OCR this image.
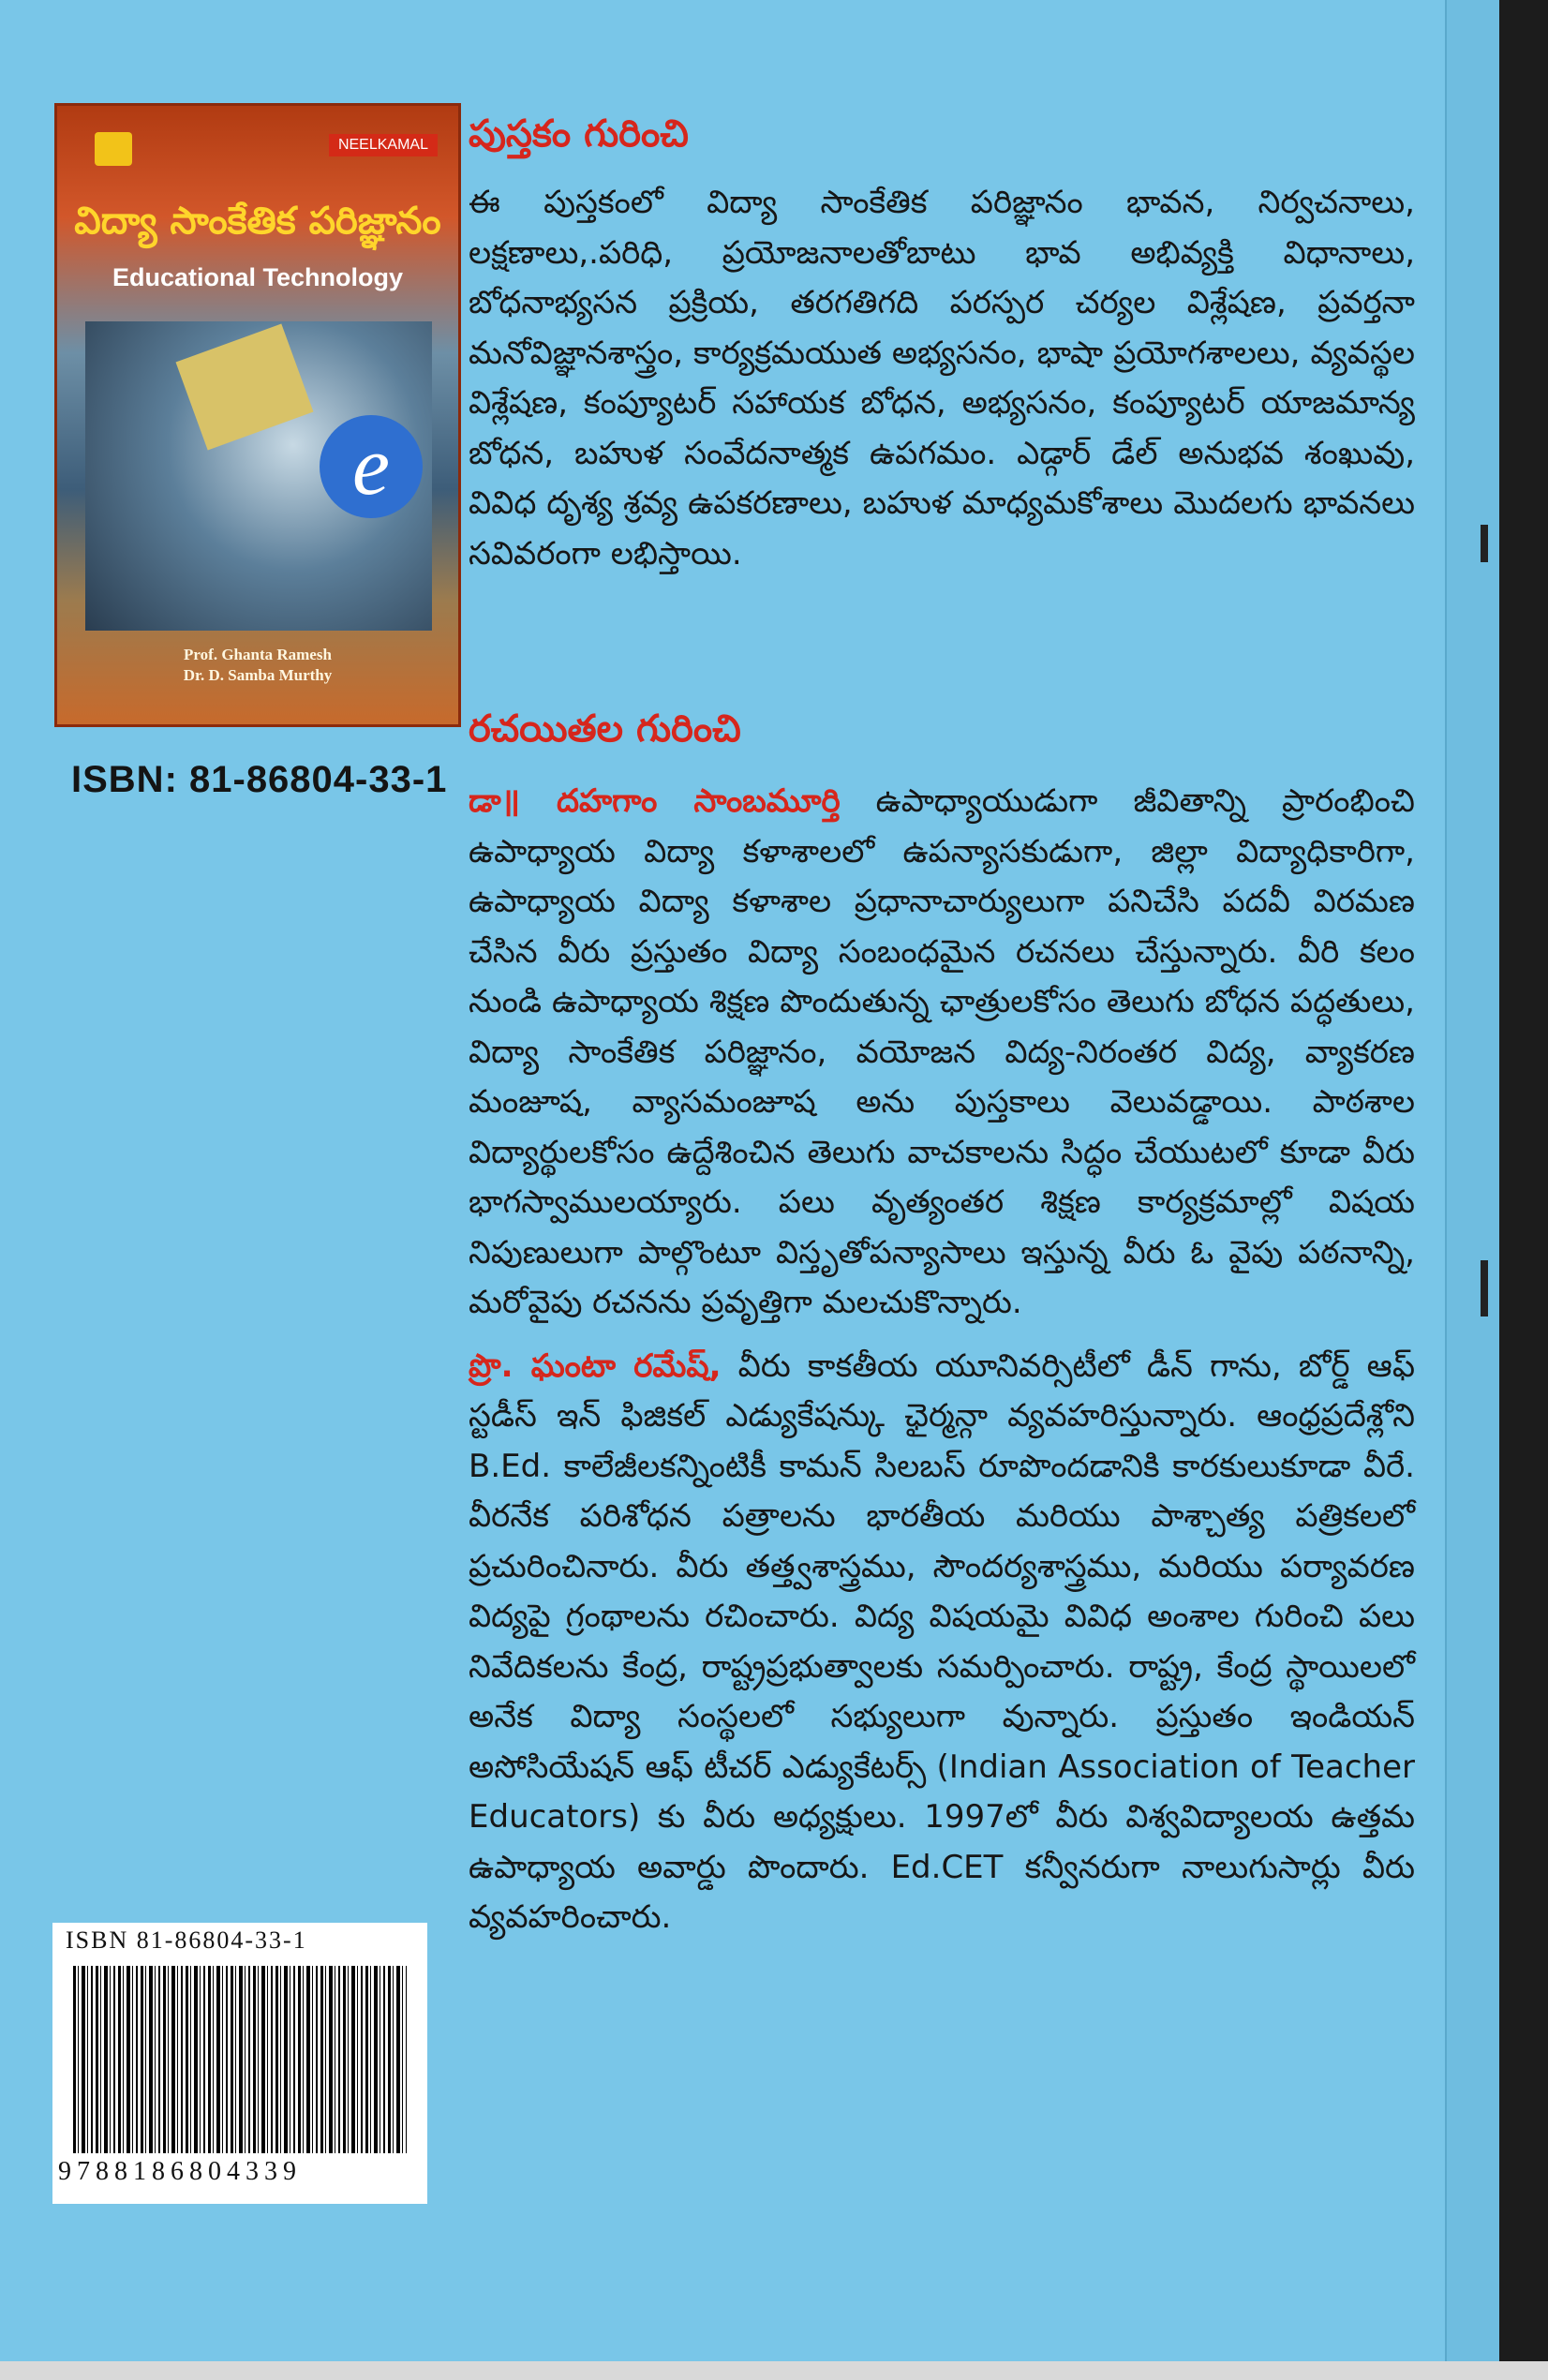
NEELKAMAL
విద్యా సాంకేతిక పరిజ్ఞానం
Educational Technology
e
Prof. Ghanta Ramesh
Dr. D. Samba Murthy
ISBN: 81-86804-33-1
పుస్తకం గురించి

ఈ పుస్తకంలో విద్యా సాంకేతిక పరిజ్ఞానం భావన, నిర్వచనాలు, లక్షణాలు,.పరిధి, ప్రయోజనాలతోబాటు భావ అభివ్యక్తి విధానాలు, బోధనాభ్యసన ప్రక్రియ, తరగతిగది పరస్పర చర్యల విశ్లేషణ, ప్రవర్తనా మనోవిజ్ఞానశాస్త్రం, కార్యక్రమయుత అభ్యసనం, భాషా ప్రయోగశాలలు, వ్యవస్థల విశ్లేషణ, కంప్యూటర్ సహాయక బోధన, అభ్యసనం, కంప్యూటర్ యాజమాన్య బోధన, బహుళ సంవేదనాత్మక ఉపగమం. ఎడ్గార్ డేల్ అనుభవ శంఖువు, వివిధ దృశ్య శ్రవ్య ఉపకరణాలు, బహుళ మాధ్యమకోశాలు మొదలగు భావనలు సవివరంగా లభిస్తాయి.

రచయితల గురించి

డా॥ దహగాం సాంబమూర్తి ఉపాధ్యాయుడుగా జీవితాన్ని ప్రారంభించి ఉపాధ్యాయ విద్యా కళాశాలలో ఉపన్యాసకుడుగా, జిల్లా విద్యాధికారిగా, ఉపాధ్యాయ విద్యా కళాశాల ప్రధానాచార్యులుగా పనిచేసి పదవీ విరమణ చేసిన వీరు ప్రస్తుతం విద్యా సంబంధమైన రచనలు చేస్తున్నారు. వీరి కలం నుండి ఉపాధ్యాయ శిక్షణ పొందుతున్న ఛాత్రులకోసం తెలుగు బోధన పద్ధతులు, విద్యా సాంకేతిక పరిజ్ఞానం, వయోజన విద్య-నిరంతర విద్య, వ్యాకరణ మంజూష, వ్యాసమంజూష అను పుస్తకాలు వెలువడ్డాయి. పాఠశాల విద్యార్థులకోసం ఉద్దేశించిన తెలుగు వాచకాలను సిద్ధం చేయుటలో కూడా వీరు భాగస్వాములయ్యారు. పలు వృత్యంతర శిక్షణ కార్యక్రమాల్లో విషయ నిపుణులుగా పాల్గొంటూ విస్తృతోపన్యాసాలు ఇస్తున్న వీరు ఓ వైపు పఠనాన్ని, మరోవైపు రచనను ప్రవృత్తిగా మలచుకొన్నారు.

ప్రొ. ఘంటా రమేష్, వీరు కాకతీయ యూనివర్సిటీలో డీన్ గాను, బోర్డ్ ఆఫ్ స్టడీస్ ఇన్ ఫిజికల్ ఎడ్యుకేషన్కు ఛైర్మన్గా వ్యవహరిస్తున్నారు. ఆంధ్రప్రదేశ్లోని B.Ed. కాలేజీలకన్నింటికీ కామన్ సిలబస్ రూపొందడానికి కారకులుకూడా వీరే. వీరనేక పరిశోధన పత్రాలను భారతీయ మరియు పాశ్చాత్య పత్రికలలో ప్రచురించినారు. వీరు తత్త్వశాస్త్రము, సౌందర్యశాస్త్రము, మరియు పర్యావరణ విద్యపై గ్రంథాలను రచించారు. విద్య విషయమై వివిధ అంశాల గురించి పలు నివేదికలను కేంద్ర, రాష్ట్రప్రభుత్వాలకు సమర్పించారు. రాష్ట్ర, కేంద్ర స్థాయిలలో అనేక విద్యా సంస్థలలో సభ్యులుగా వున్నారు. ప్రస్తుతం ఇండియన్ అసోసియేషన్ ఆఫ్ టీచర్ ఎడ్యుకేటర్స్ (Indian Association of Teacher Educators) కు వీరు అధ్యక్షులు. 1997లో వీరు విశ్వవిద్యాలయ ఉత్తమ ఉపాధ్యాయ అవార్డు పొందారు. Ed.CET కన్వీనరుగా నాలుగుసార్లు వీరు వ్యవహరించారు.

ISBN 81-86804-33-1
9788186804339
